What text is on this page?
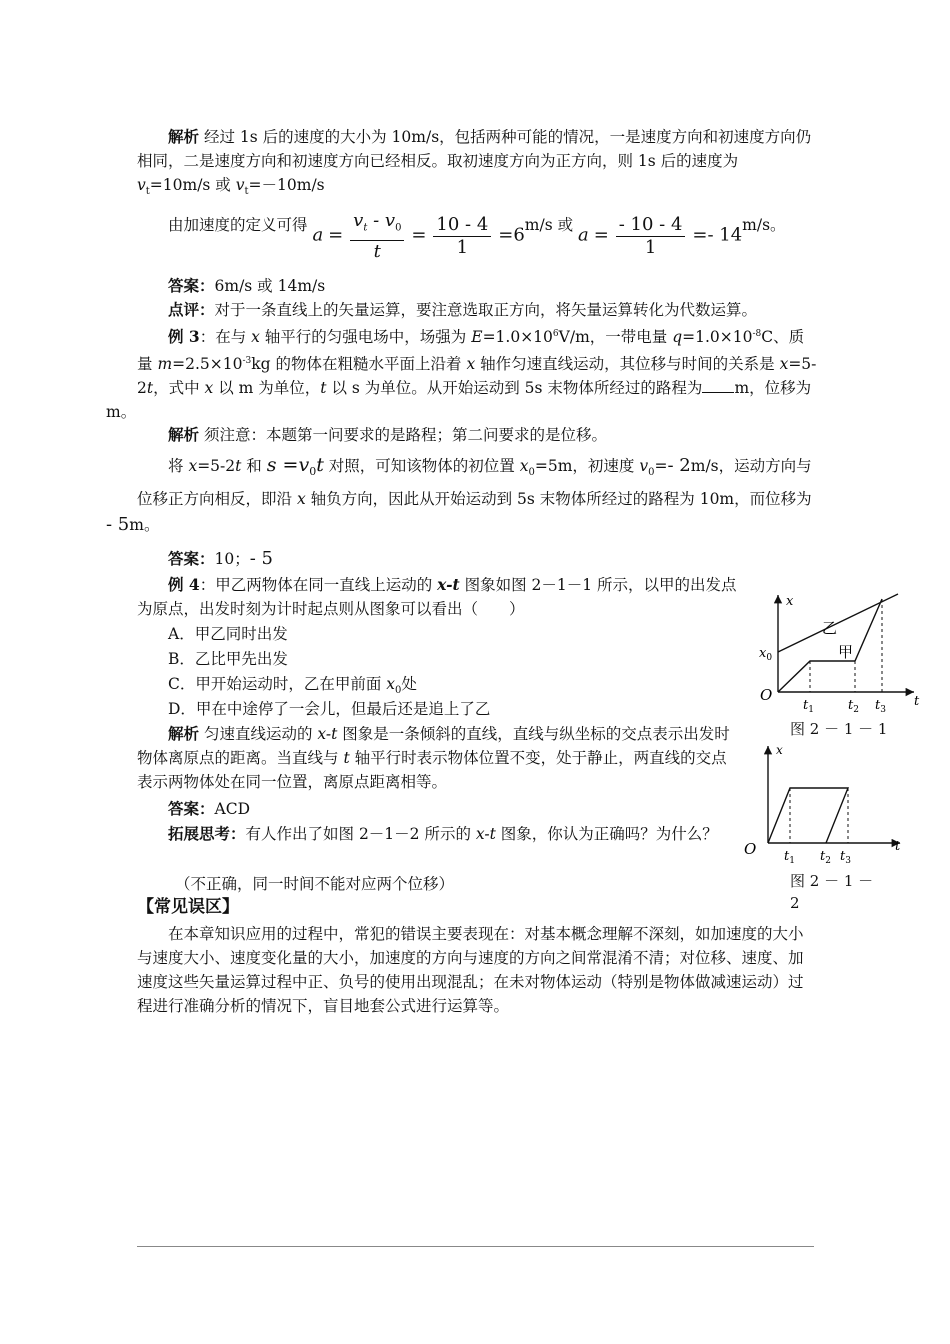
解析 经过 1s 后的速度的大小为 10m/s，包括两种可能的情况，一是速度方向和初速度方向仍相同，二是速度方向和初速度方向已经相反。取初速度方向为正方向，则 1s 后的速度为
$v_t=10m/s$ 或 $v_t=-10m/s$
由加速度的定义可得 $a = \frac{v_t - v_0}{t} = \frac{10 - 4}{1} =6m/s$ 或 $a = \frac{- 10 - 4}{1} =- 14m/s$。
答案：6m/s 或 14m/s
点评：对于一条直线上的矢量运算，要注意选取正方向，将矢量运算转化为代数运算。
例 3：在与 x 轴平行的匀强电场中，场强为 $E=1.0\times 10^6V/m$，一带电量 $q=1.0\times 10^{-8}C$、质量 $m=2.5\times 10^{-3}kg$ 的物体在粗糙水平面上沿着 x 轴作匀速直线运动，其位移与时间的关系是 x=5-2t，式中 x 以 m 为单位，t 以 s 为单位。从开始运动到 5s 末物体所经过的路程为 m，位移为
m。
解析 须注意：本题第一问要求的是路程；第二问要求的是位移。
将 x=5-2t 和 $s =v_0t$ 对照，可知该物体的初位置 $x_0=5m$，初速度 $v_0=-$ 2m/s，运动方向与位移正方向相反，即沿 x 轴负方向，因此从开始运动到 5s 末物体所经过的路程为 10m，而位移为
- 5m。
答案：10；- 5
例 4：甲乙两物体在同一直线上运动的 x-t 图象如图 2－1－1 所示，以甲的出发点为原点，出发时刻为计时起点则从图象可以看出（　　）
A．甲乙同时出发
B．乙比甲先出发
C．甲开始运动时，乙在甲前面 $x_0$处
D．甲在中途停了一会儿，但最后还是追上了乙
解析 匀速直线运动的 x-t 图象是一条倾斜的直线，直线与纵坐标的交点表示出发时物体离原点的距离。当直线与 t 轴平行时表示物体位置不变，处于静止，两直线的交点表示两物体处在同一位置，离原点距离相等。
答案：ACD
拓展思考：有人作出了如图 2－1－2 所示的 x-t 图象，你认为正确吗？为什么？
（不正确，同一时间不能对应两个位移）
【常见误区】
在本章知识应用的过程中，常犯的错误主要表现在：对基本概念理解不深刻，如加速度的大小与速度大小、速度变化量的大小，加速度的方向与速度的方向之间常混淆不清；对位移、速度、加速度这些矢量运算过程中正、负号的使用出现混乱；在未对物体运动（特别是物体做减速运动）过程进行准确分析的情况下，盲目地套公式进行运算等。
x
t
O
$x_0$
乙
甲
$t_1$	$t_2$ $t_3$
图 2 － 1 － 1
x
t
O $t_1$ $t_2$ $t_3$
图 2 － 1 －
2
